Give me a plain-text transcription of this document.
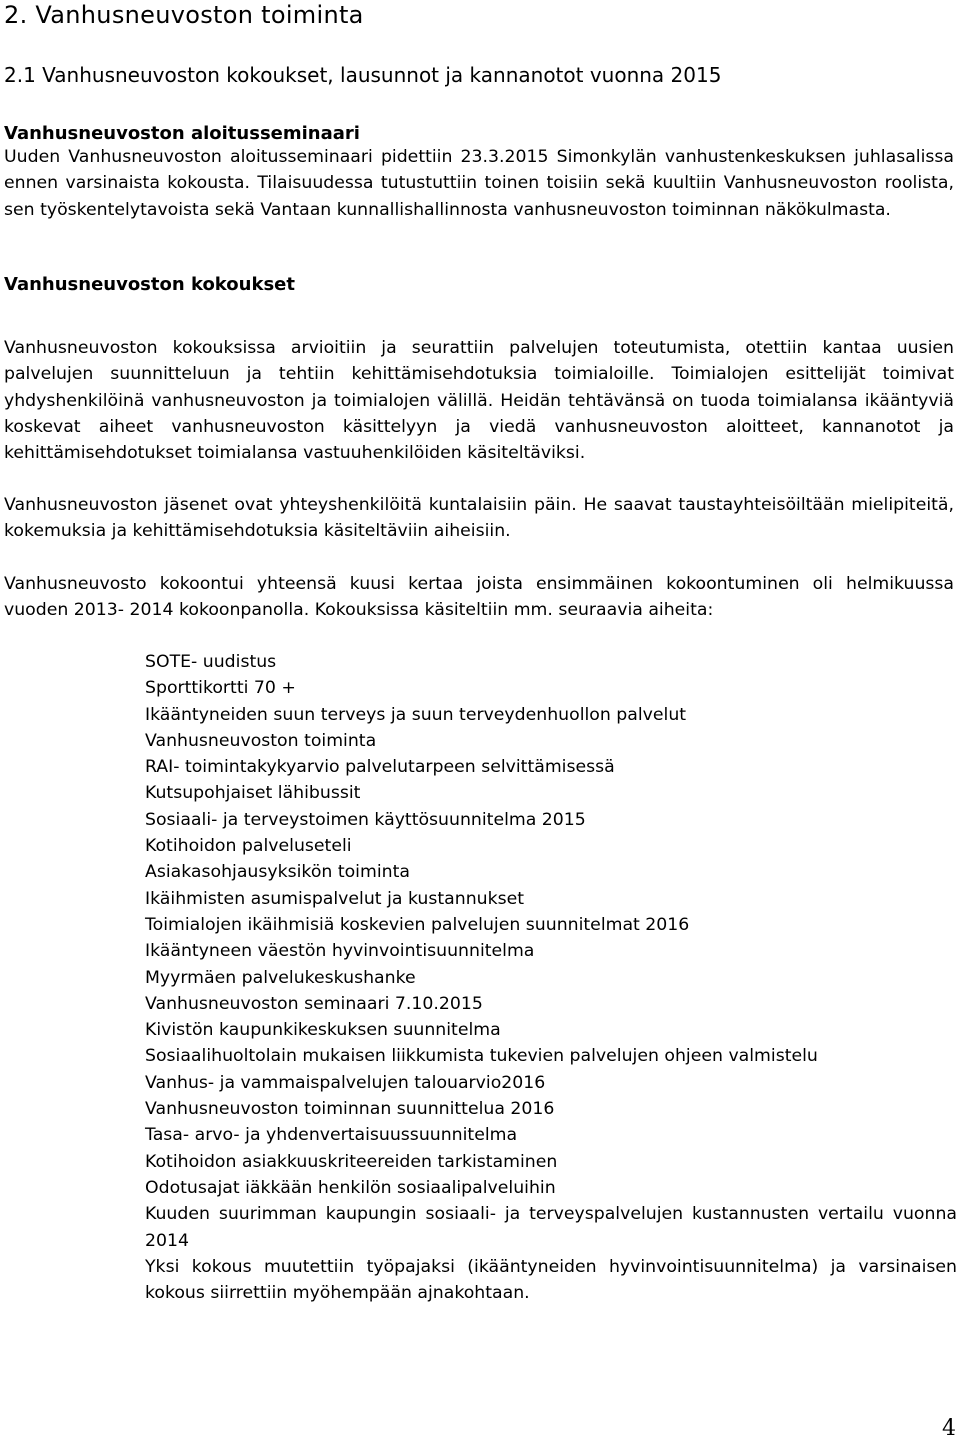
2. Vanhusneuvoston toiminta
2.1 Vanhusneuvoston kokoukset, lausunnot ja kannanotot vuonna 2015
Vanhusneuvoston aloitusseminaari

Uuden Vanhusneuvoston aloitusseminaari pidettiin 23.3.2015 Simonkylän vanhustenkeskuksen juhlasalissa ennen varsinaista kokousta. Tilaisuudessa tutustuttiin toinen toisiin sekä kuultiin Vanhusneuvoston roolista, sen työskentelytavoista sekä Vantaan kunnallishallinnosta vanhusneuvoston toiminnan näkökulmasta.

Vanhusneuvoston kokoukset

Vanhusneuvoston kokouksissa arvioitiin ja seurattiin palvelujen toteutumista, otettiin kantaa uusien palvelujen suunnitteluun ja tehtiin kehittämisehdotuksia toimialoille. Toimialojen esittelijät toimivat yhdyshenkilöinä vanhusneuvoston ja toimialojen välillä. Heidän tehtävänsä on tuoda toimialansa ikääntyviä koskevat aiheet vanhusneuvoston käsittelyyn ja viedä vanhusneuvoston aloitteet, kannanotot ja kehittämisehdotukset toimialansa vastuuhenkilöiden käsiteltäviksi.

Vanhusneuvoston jäsenet ovat yhteyshenkilöitä kuntalaisiin päin. He saavat taustayhteisöiltään mielipiteitä, kokemuksia ja kehittämisehdotuksia käsiteltäviin aiheisiin.

Vanhusneuvosto kokoontui yhteensä kuusi kertaa joista ensimmäinen kokoontuminen oli helmikuussa vuoden 2013- 2014 kokoonpanolla. Kokouksissa käsiteltiin mm. seuraavia aiheita:

SOTE- uudistus
Sporttikortti 70 +
Ikääntyneiden suun terveys ja suun terveydenhuollon palvelut
Vanhusneuvoston toiminta
RAI- toimintakykyarvio palvelutarpeen selvittämisessä
Kutsupohjaiset lähibussit
Sosiaali- ja terveystoimen käyttösuunnitelma 2015
Kotihoidon palveluseteli
Asiakasohjausyksikön toiminta
Ikäihmisten asumispalvelut ja kustannukset
Toimialojen ikäihmisiä koskevien palvelujen suunnitelmat 2016
Ikääntyneen väestön hyvinvointisuunnitelma
Myyrmäen palvelukeskushanke
Vanhusneuvoston seminaari 7.10.2015
Kivistön kaupunkikeskuksen suunnitelma
Sosiaalihuoltolain mukaisen liikkumista tukevien palvelujen ohjeen valmistelu
Vanhus- ja vammaispalvelujen talouarvio2016
Vanhusneuvoston toiminnan suunnittelua 2016
Tasa- arvo- ja yhdenvertaisuussuunnitelma
Kotihoidon asiakkuuskriteereiden tarkistaminen
Odotusajat iäkkään henkilön sosiaalipalveluihin
Kuuden suurimman kaupungin sosiaali- ja terveyspalvelujen kustannusten vertailu vuonna 2014
Yksi kokous muutettiin työpajaksi (ikääntyneiden hyvinvointisuunnitelma) ja varsinaisen kokous siirrettiin myöhempään ajnakohtaan.
4
